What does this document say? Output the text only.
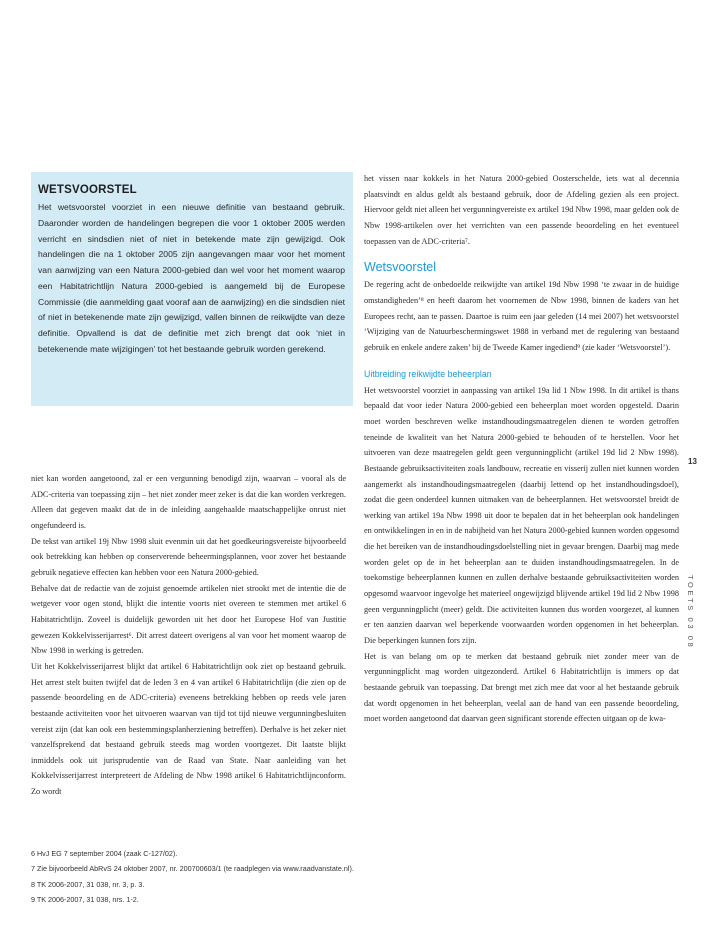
WETSVOORSTEL
Het wetsvoorstel voorziet in een nieuwe definitie van bestaand gebruik. Daaronder worden de handelingen begrepen die voor 1 oktober 2005 werden verricht en sindsdien niet of niet in betekende mate zijn gewijzigd. Ook handelingen die na 1 oktober 2005 zijn aangevangen maar voor het moment van aanwijzing van een Natura 2000-gebied dan wel voor het moment waarop een Habitatrichtlijn Natura 2000-gebied is aangemeld bij de Europese Commissie (die aanmelding gaat vooraf aan de aanwijzing) en die sindsdien niet of niet in betekenende mate zijn gewijzigd, vallen binnen de reikwijdte van deze definitie. Opvallend is dat de definitie met zich brengt dat ook ‘niet in betekenende mate wijzigingen’ tot het bestaande gebruik worden gerekend.

niet kan worden aangetoond, zal er een vergunning benodigd zijn, waarvan – vooral als de ADC-criteria van toepassing zijn – het niet zonder meer zeker is dat die kan worden verkregen. Alleen dat gegeven maakt dat de in de inleiding aangehaalde maatschappelijke onrust niet ongefundeerd is.

De tekst van artikel 19j Nbw 1998 sluit evenmin uit dat het goedkeuringsvereiste bijvoorbeeld ook betrekking kan hebben op conserverende beheermingsplannen, voor zover het bestaande gebruik negatieve effecten kan hebben voor een Natura 2000-gebied.

Behalve dat de redactie van de zojuist genoemde artikelen niet strookt met de intentie die de wetgever voor ogen stond, blijkt die intentie voorts niet overeen te stemmen met artikel 6 Habitatrichtlijn. Zoveel is duidelijk geworden uit het door het Europese Hof van Justitie gewezen Kokkelvisserijarrest⁶. Dit arrest dateert overigens al van voor het moment waarop de Nbw 1998 in werking is getreden.

Uit het Kokkelvisserijarrest blijkt dat artikel 6 Habitatrichtlijn ook ziet op bestaand gebruik. Het arrest stelt buiten twijfel dat de leden 3 en 4 van artikel 6 Habitatrichtlijn (die zien op de passende beoordeling en de ADC-criteria) eveneens betrekking hebben op reeds vele jaren bestaande activiteiten voor het uitvoeren waarvan van tijd tot tijd nieuwe vergunningbesluiten vereist zijn (dat kan ook een bestemmingsplanherziening betreffen). Derhalve is het zeker niet vanzelfsprekend dat bestaand gebruik steeds mag worden voortgezet. Dit laatste blijkt inmiddels ook uit jurisprudentie van de Raad van State. Naar aanleiding van het Kokkelvisserijarrest interpreteert de Afdeling de Nbw 1998 artikel 6 Habitatrichtlijnconform. Zo wordt

het vissen naar kokkels in het Natura 2000-gebied Oosterschelde, iets wat al decennia plaatsvindt en aldus geldt als bestaand gebruik, door de Afdeling gezien als een project. Hiervoor geldt niet alleen het vergunningvereiste ex artikel 19d Nbw 1998, maar gelden ook de Nbw 1998-artikelen over het verrichten van een passende beoordeling en het eventueel toepassen van de ADC-criteria⁷.

Wetsvoorstel

De regering acht de onbedoelde reikwijdte van artikel 19d Nbw 1998 ‘te zwaar in de huidige omstandigheden’⁸ en heeft daarom het voornemen de Nbw 1998, binnen de kaders van het Europees recht, aan te passen. Daartoe is ruim een jaar geleden (14 mei 2007) het wetsvoorstel ‘Wijziging van de Natuurbeschermingswet 1988 in verband met de regulering van bestaand gebruik en enkele andere zaken’ bij de Tweede Kamer ingediend⁹ (zie kader ‘Wetsvoorstel’).

Uitbreiding reikwijdte beheerplan

Het wetsvoorstel voorziet in aanpassing van artikel 19a lid 1 Nbw 1998. In dit artikel is thans bepaald dat voor ieder Natura 2000-gebied een beheerplan moet worden opgesteld. Daarin moet worden beschreven welke instandhoudingsmaatregelen dienen te worden getroffen teneinde de kwaliteit van het Natura 2000-gebied te behouden of te herstellen. Voor het uitvoeren van deze maatregelen geldt geen vergunningplicht (artikel 19d lid 2 Nbw 1998). Bestaande gebruiksactiviteiten zoals landbouw, recreatie en visserij zullen niet kunnen worden aangemerkt als instandhoudingsmaatregelen (daarbij lettend op het instandhoudingsdoel), zodat die geen onderdeel kunnen uitmaken van de beheerplannen. Het wetsvoorstel breidt de werking van artikel 19a Nbw 1998 uit door te bepalen dat in het beheerplan ook handelingen en ontwikkelingen in en in de nabijheid van het Natura 2000-gebied kunnen worden opgesomd die het bereiken van de instandhoudingsdoelstelling niet in gevaar brengen. Daarbij mag mede worden gelet op de in het beheerplan aan te duiden instandhoudingsmaatregelen. In de toekomstige beheerplannen kunnen en zullen derhalve bestaande gebruiksactiviteiten worden opgesomd waarvoor ingevolge het materieel ongewijzigd blijvende artikel 19d lid 2 Nbw 1998 geen vergunningplicht (meer) geldt. Die activiteiten kunnen dus worden voorgezet, al kunnen er ten aanzien daarvan wel beperkende voorwaarden worden opgenomen in het beheerplan. Die beperkingen kunnen fors zijn.

Het is van belang om op te merken dat bestaand gebruik niet zonder meer van de vergunningplicht mag worden uitgezonderd. Artikel 6 Habitatrichtlijn is immers op dat bestaande gebruik van toepassing. Dat brengt met zich mee dat voor al het bestaande gebruik dat wordt opgenomen in het beheerplan, veelal aan de hand van een passende beoordeling, moet worden aangetoond dat daarvan geen significant storende effecten uitgaan op de kwa-

13
TOETS 03 08
6 HvJ EG 7 september 2004 (zaak C-127/02).
7 Zie bijvoorbeeld AbRvS 24 oktober 2007, nr. 200700603/1 (te raadplegen via www.raadvanstate.nl).
8 TK 2006-2007, 31 038, nr. 3, p. 3.
9 TK 2006-2007, 31 038, nrs. 1-2.
